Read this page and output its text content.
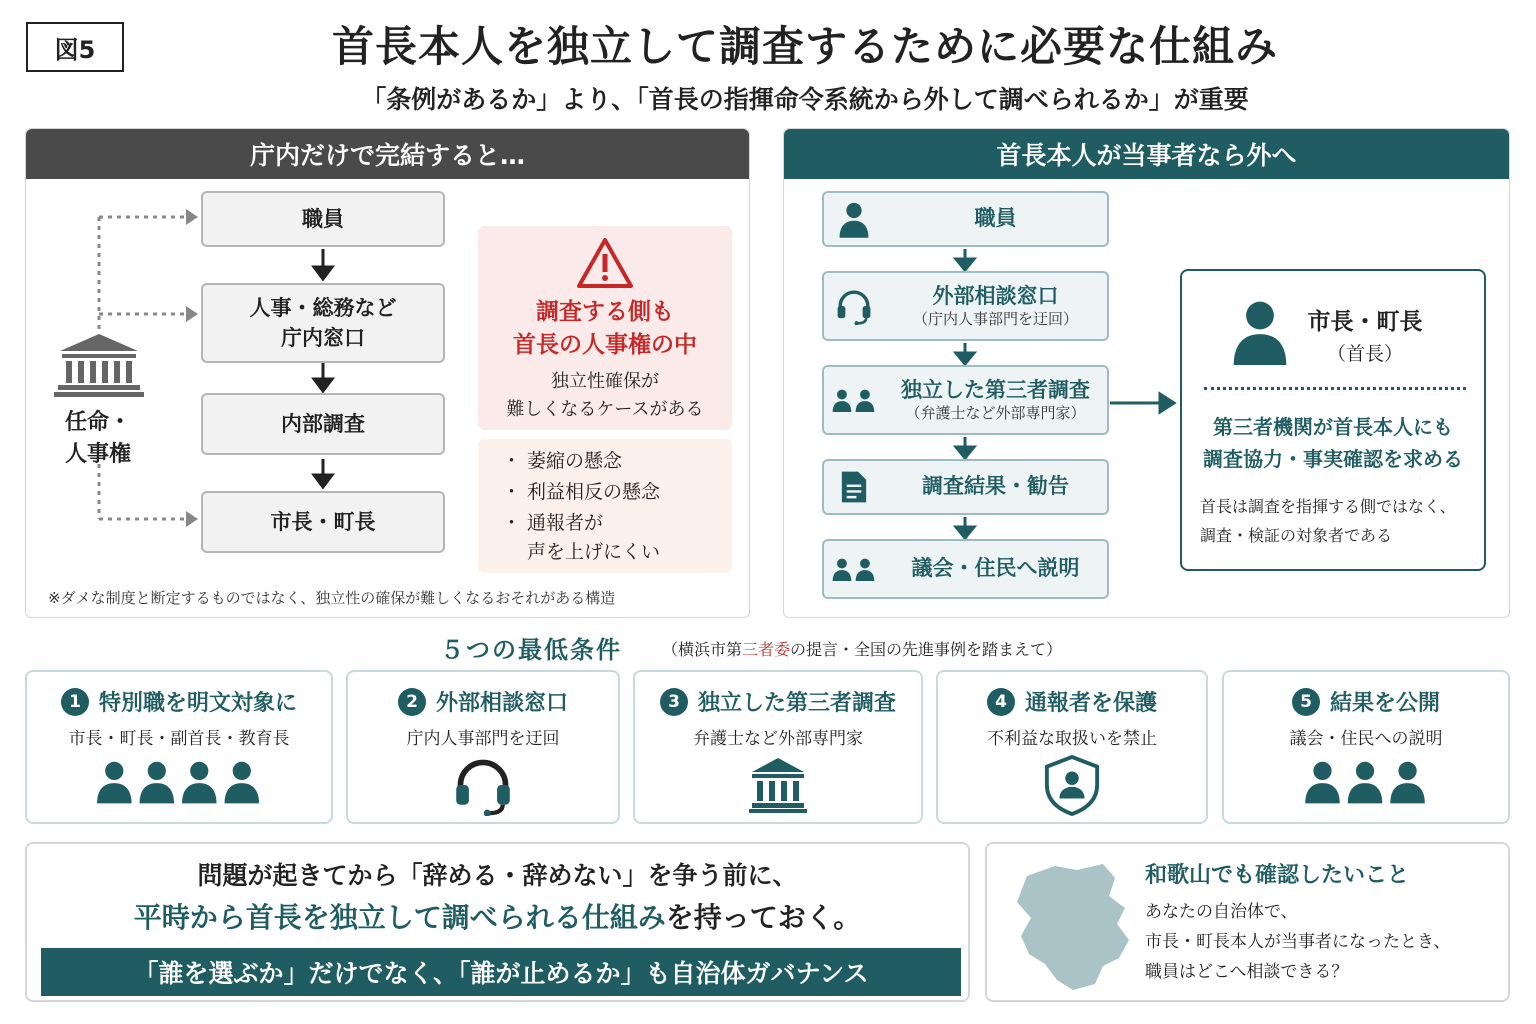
図5	首長本人を独立して調査するために必要な仕組み
「条例があるか」より、「首長の指揮命令系統から外して調べられるか」が重要
庁内だけで完結すると…
任命・
人事権
職員
人事・総務など
庁内窓口
内部調査
市長・町長
調査する側も
首長の人事権の中
独立性確保が
難しくなるケースがある
・ 萎縮の懸念
・ 利益相反の懸念
・ 通報者が
声を上げにくい
※ダメな制度と断定するものではなく、独立性の確保が難しくなるおそれがある構造
首長本人が当事者なら外へ
職員
外部相談窓口
（庁内人事部門を迂回）
独立した第三者調査
（弁護士など外部専門家）
調査結果・勧告
議会・住民へ説明
市長・町長
（首長）
第三者機関が首長本人にも
調査協力・事実確認を求める
首長は調査を指揮する側ではなく、
調査・検証の対象者である
５つの最低条件	（横浜市第三者委の提言・全国の先進事例を踏まえて）
1 特別職を明文対象に
市長・町長・副首長・教育長
2 外部相談窓口
庁内人事部門を迂回
3 独立した第三者調査
弁護士など外部専門家
4 通報者を保護
不利益な取扱いを禁止
5 結果を公開
議会・住民への説明
問題が起きてから「辞める・辞めない」を争う前に、
平時から首長を独立して調べられる仕組みを持っておく。
「誰を選ぶか」だけでなく、「誰が止めるか」も自治体ガバナンス
和歌山でも確認したいこと
あなたの自治体で、
市長・町長本人が当事者になったとき、
職員はどこへ相談できる？
